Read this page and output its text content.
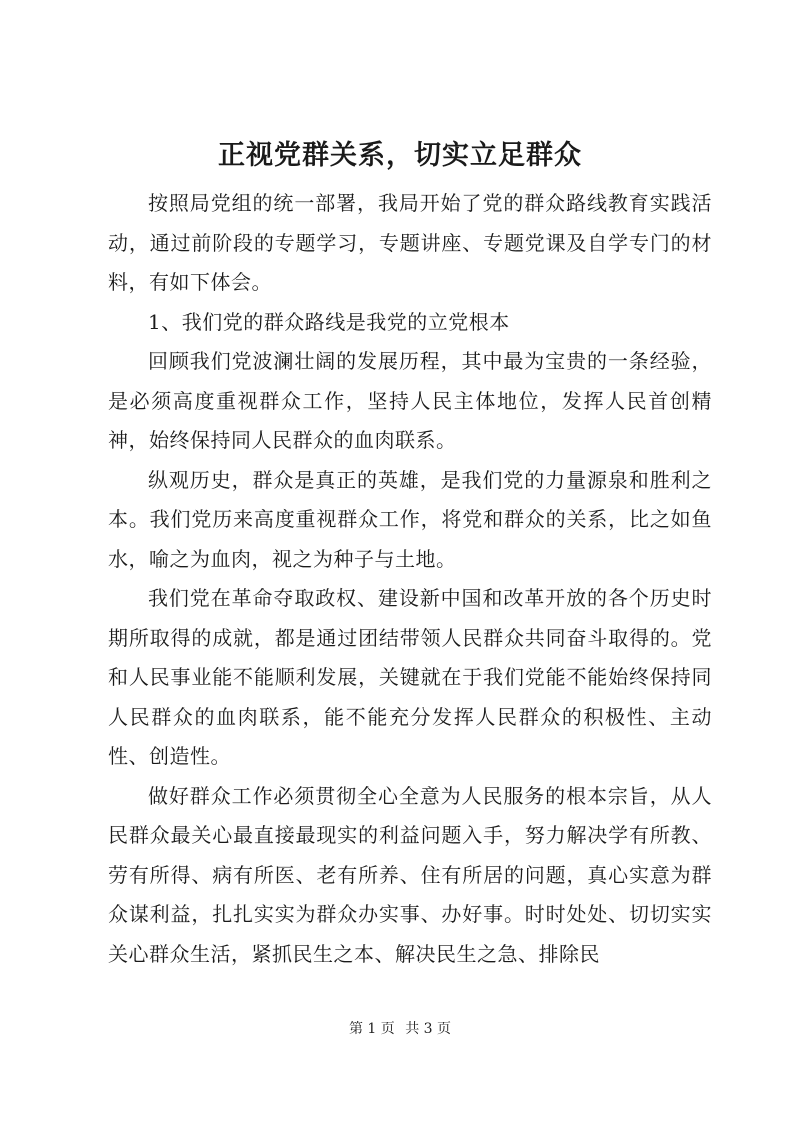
正视党群关系，切实立足群众

按照局党组的统一部署，我局开始了党的群众路线教育实践活动，通过前阶段的专题学习，专题讲座、专题党课及自学专门的材料，有如下体会。

1、我们党的群众路线是我党的立党根本

回顾我们党波澜壮阔的发展历程，其中最为宝贵的一条经验，是必须高度重视群众工作，坚持人民主体地位，发挥人民首创精神，始终保持同人民群众的血肉联系。

纵观历史，群众是真正的英雄，是我们党的力量源泉和胜利之本。我们党历来高度重视群众工作，将党和群众的关系，比之如鱼水，喻之为血肉，视之为种子与土地。

我们党在革命夺取政权、建设新中国和改革开放的各个历史时期所取得的成就，都是通过团结带领人民群众共同奋斗取得的。党和人民事业能不能顺利发展，关键就在于我们党能不能始终保持同人民群众的血肉联系，能不能充分发挥人民群众的积极性、主动性、创造性。

做好群众工作必须贯彻全心全意为人民服务的根本宗旨，从人民群众最关心最直接最现实的利益问题入手，努力解决学有所教、劳有所得、病有所医、老有所养、住有所居的问题，真心实意为群众谋利益，扎扎实实为群众办实事、办好事。时时处处、切切实实关心群众生活，紧抓民生之本、解决民生之急、排除民

第 1 页 共 3 页
